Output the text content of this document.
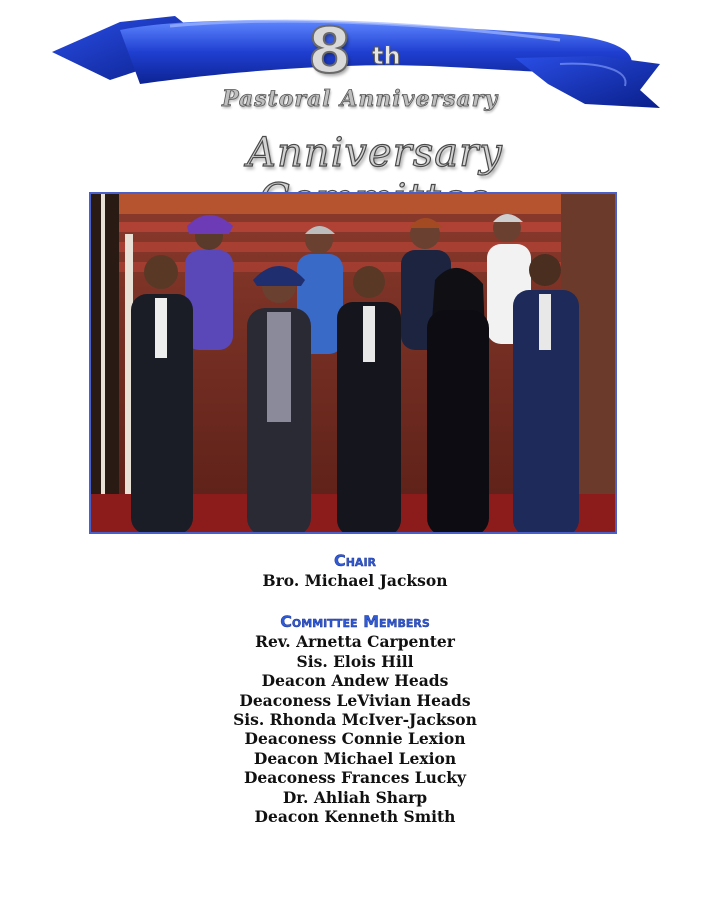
8 th
Pastoral Anniversary
Anniversary
Chair
Bro. Michael Jackson
Committee Members
Rev. Arnetta Carpenter
Sis. Elois Hill
Deacon Andew Heads
Deaconess LeVivian Heads
Sis. Rhonda McIver-Jackson
Deaconess Connie Lexion
Deacon Michael Lexion
Deaconess Frances Lucky
Dr. Ahliah Sharp
Deacon Kenneth Smith
